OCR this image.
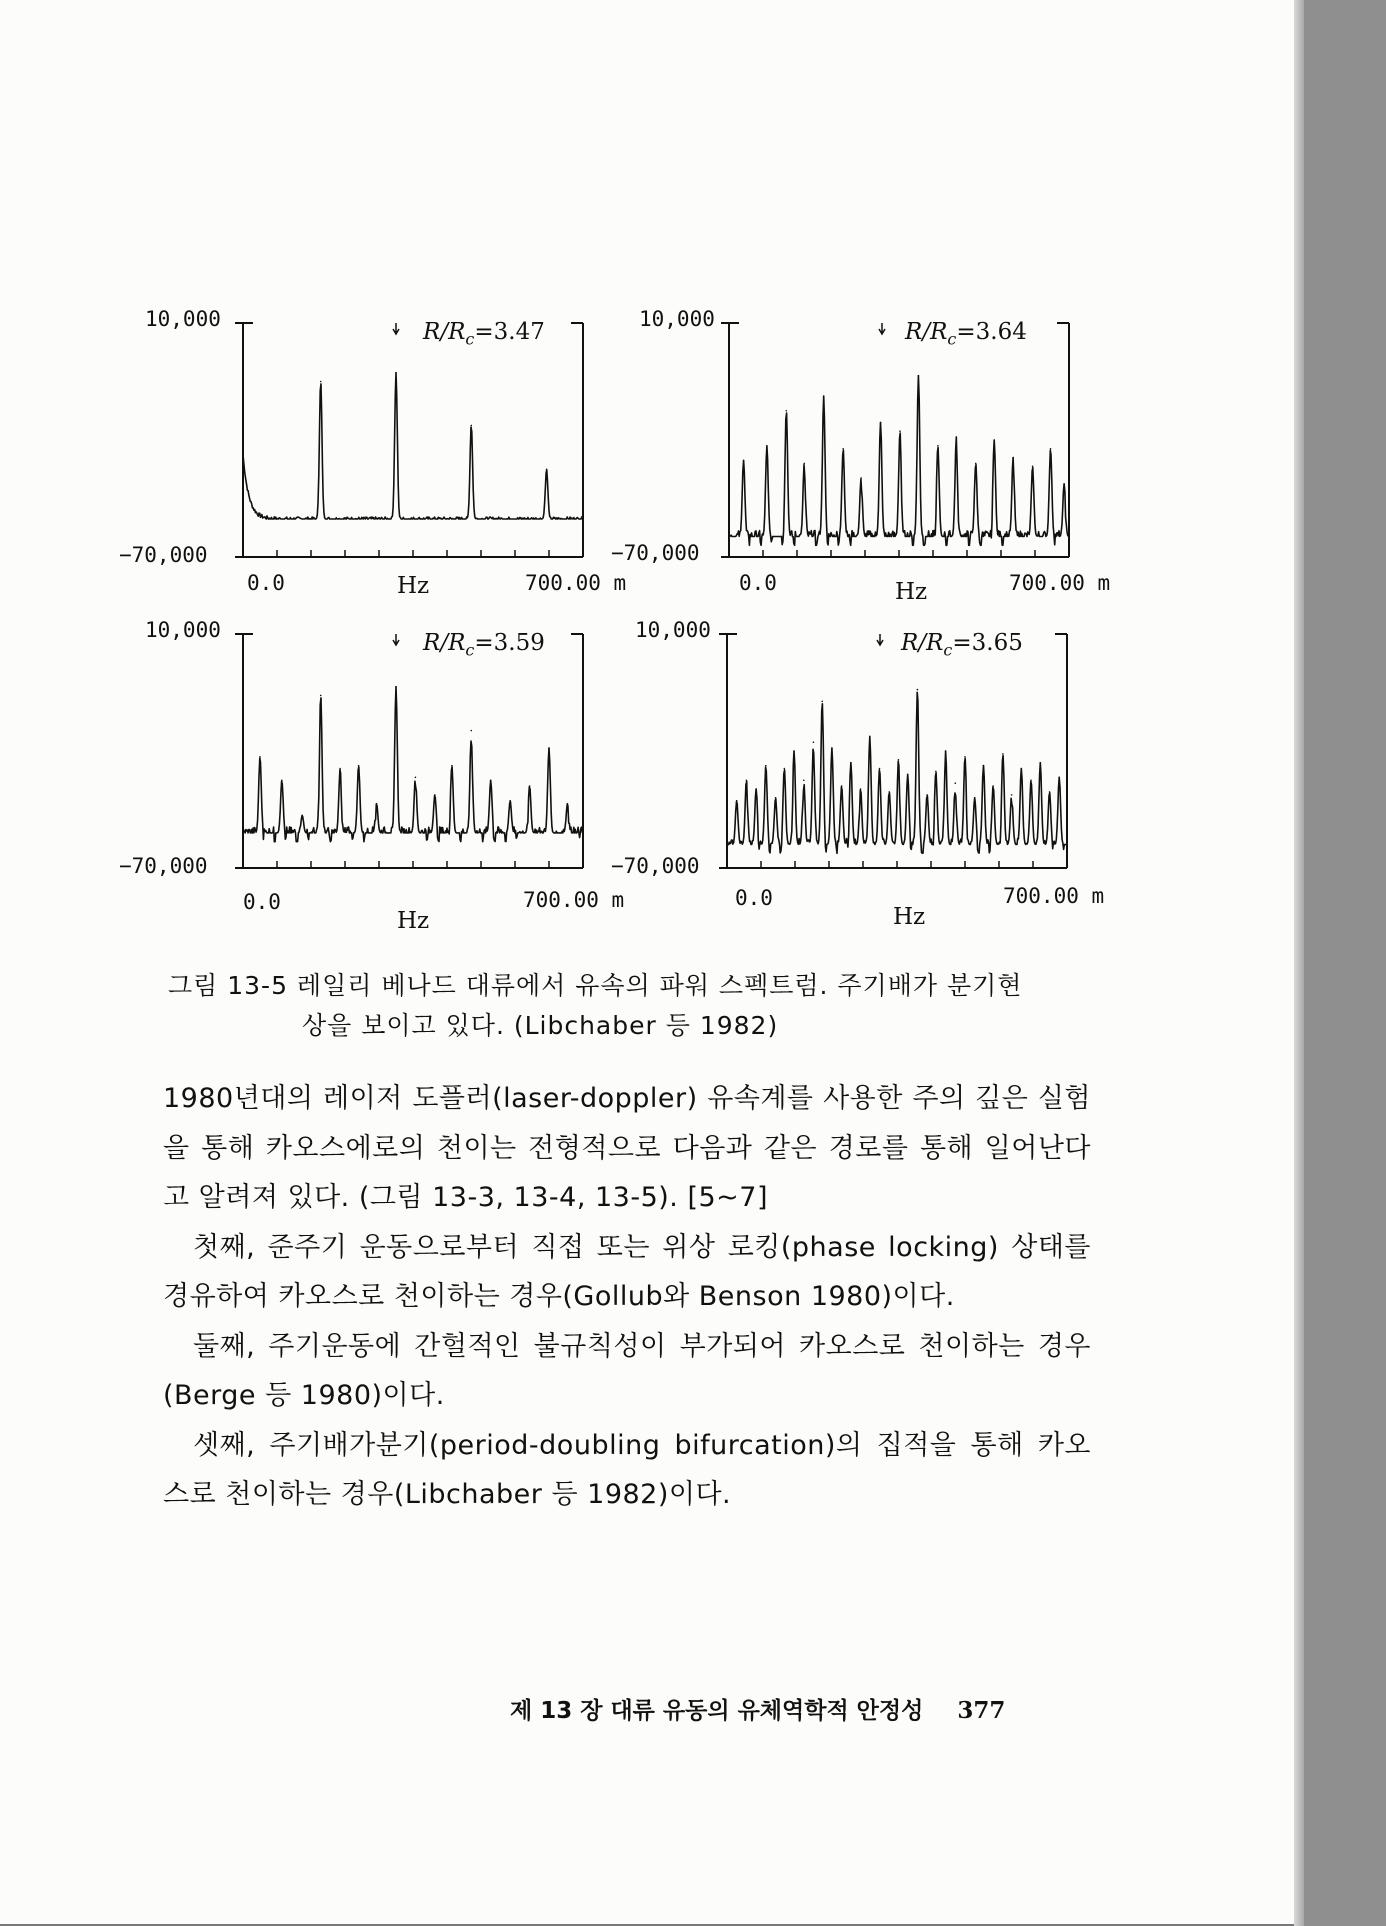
10,000
−70,000
0.0	700.00 m
Hz
$R/R_c=3.47$	10,000
−70,000
0.0	700.00 m
Hz
$R/R_c=3.64$
10,000
−70,000
0.0	700.00 m
Hz
$R/R_c=3.59$	10,000
−70,000
0.0	700.00 m
Hz
$R/R_c=3.65$
그림 13-5 레일리 베나드 대류에서 유속의 파워 스펙트럼. 주기배가 분기현
상을 보이고 있다. (Libchaber 등 1982)

1980년대의 레이저 도플러(laser-doppler) 유속계를 사용한 주의 깊은 실험을 통해 카오스에로의 천이는 전형적으로 다음과 같은 경로를 통해 일어난다고 알려져 있다. (그림 13-3, 13-4, 13-5). [5~7]

첫째, 준주기 운동으로부터 직접 또는 위상 로킹(phase locking) 상태를 경유하여 카오스로 천이하는 경우(Gollub와 Benson 1980)이다.

둘째, 주기운동에 간헐적인 불규칙성이 부가되어 카오스로 천이하는 경우(Berge 등 1980)이다.

셋째, 주기배가분기(period-doubling bifurcation)의 집적을 통해 카오스로 천이하는 경우(Libchaber 등 1982)이다.

제 13 장 대류 유동의 유체역학적 안정성 377
